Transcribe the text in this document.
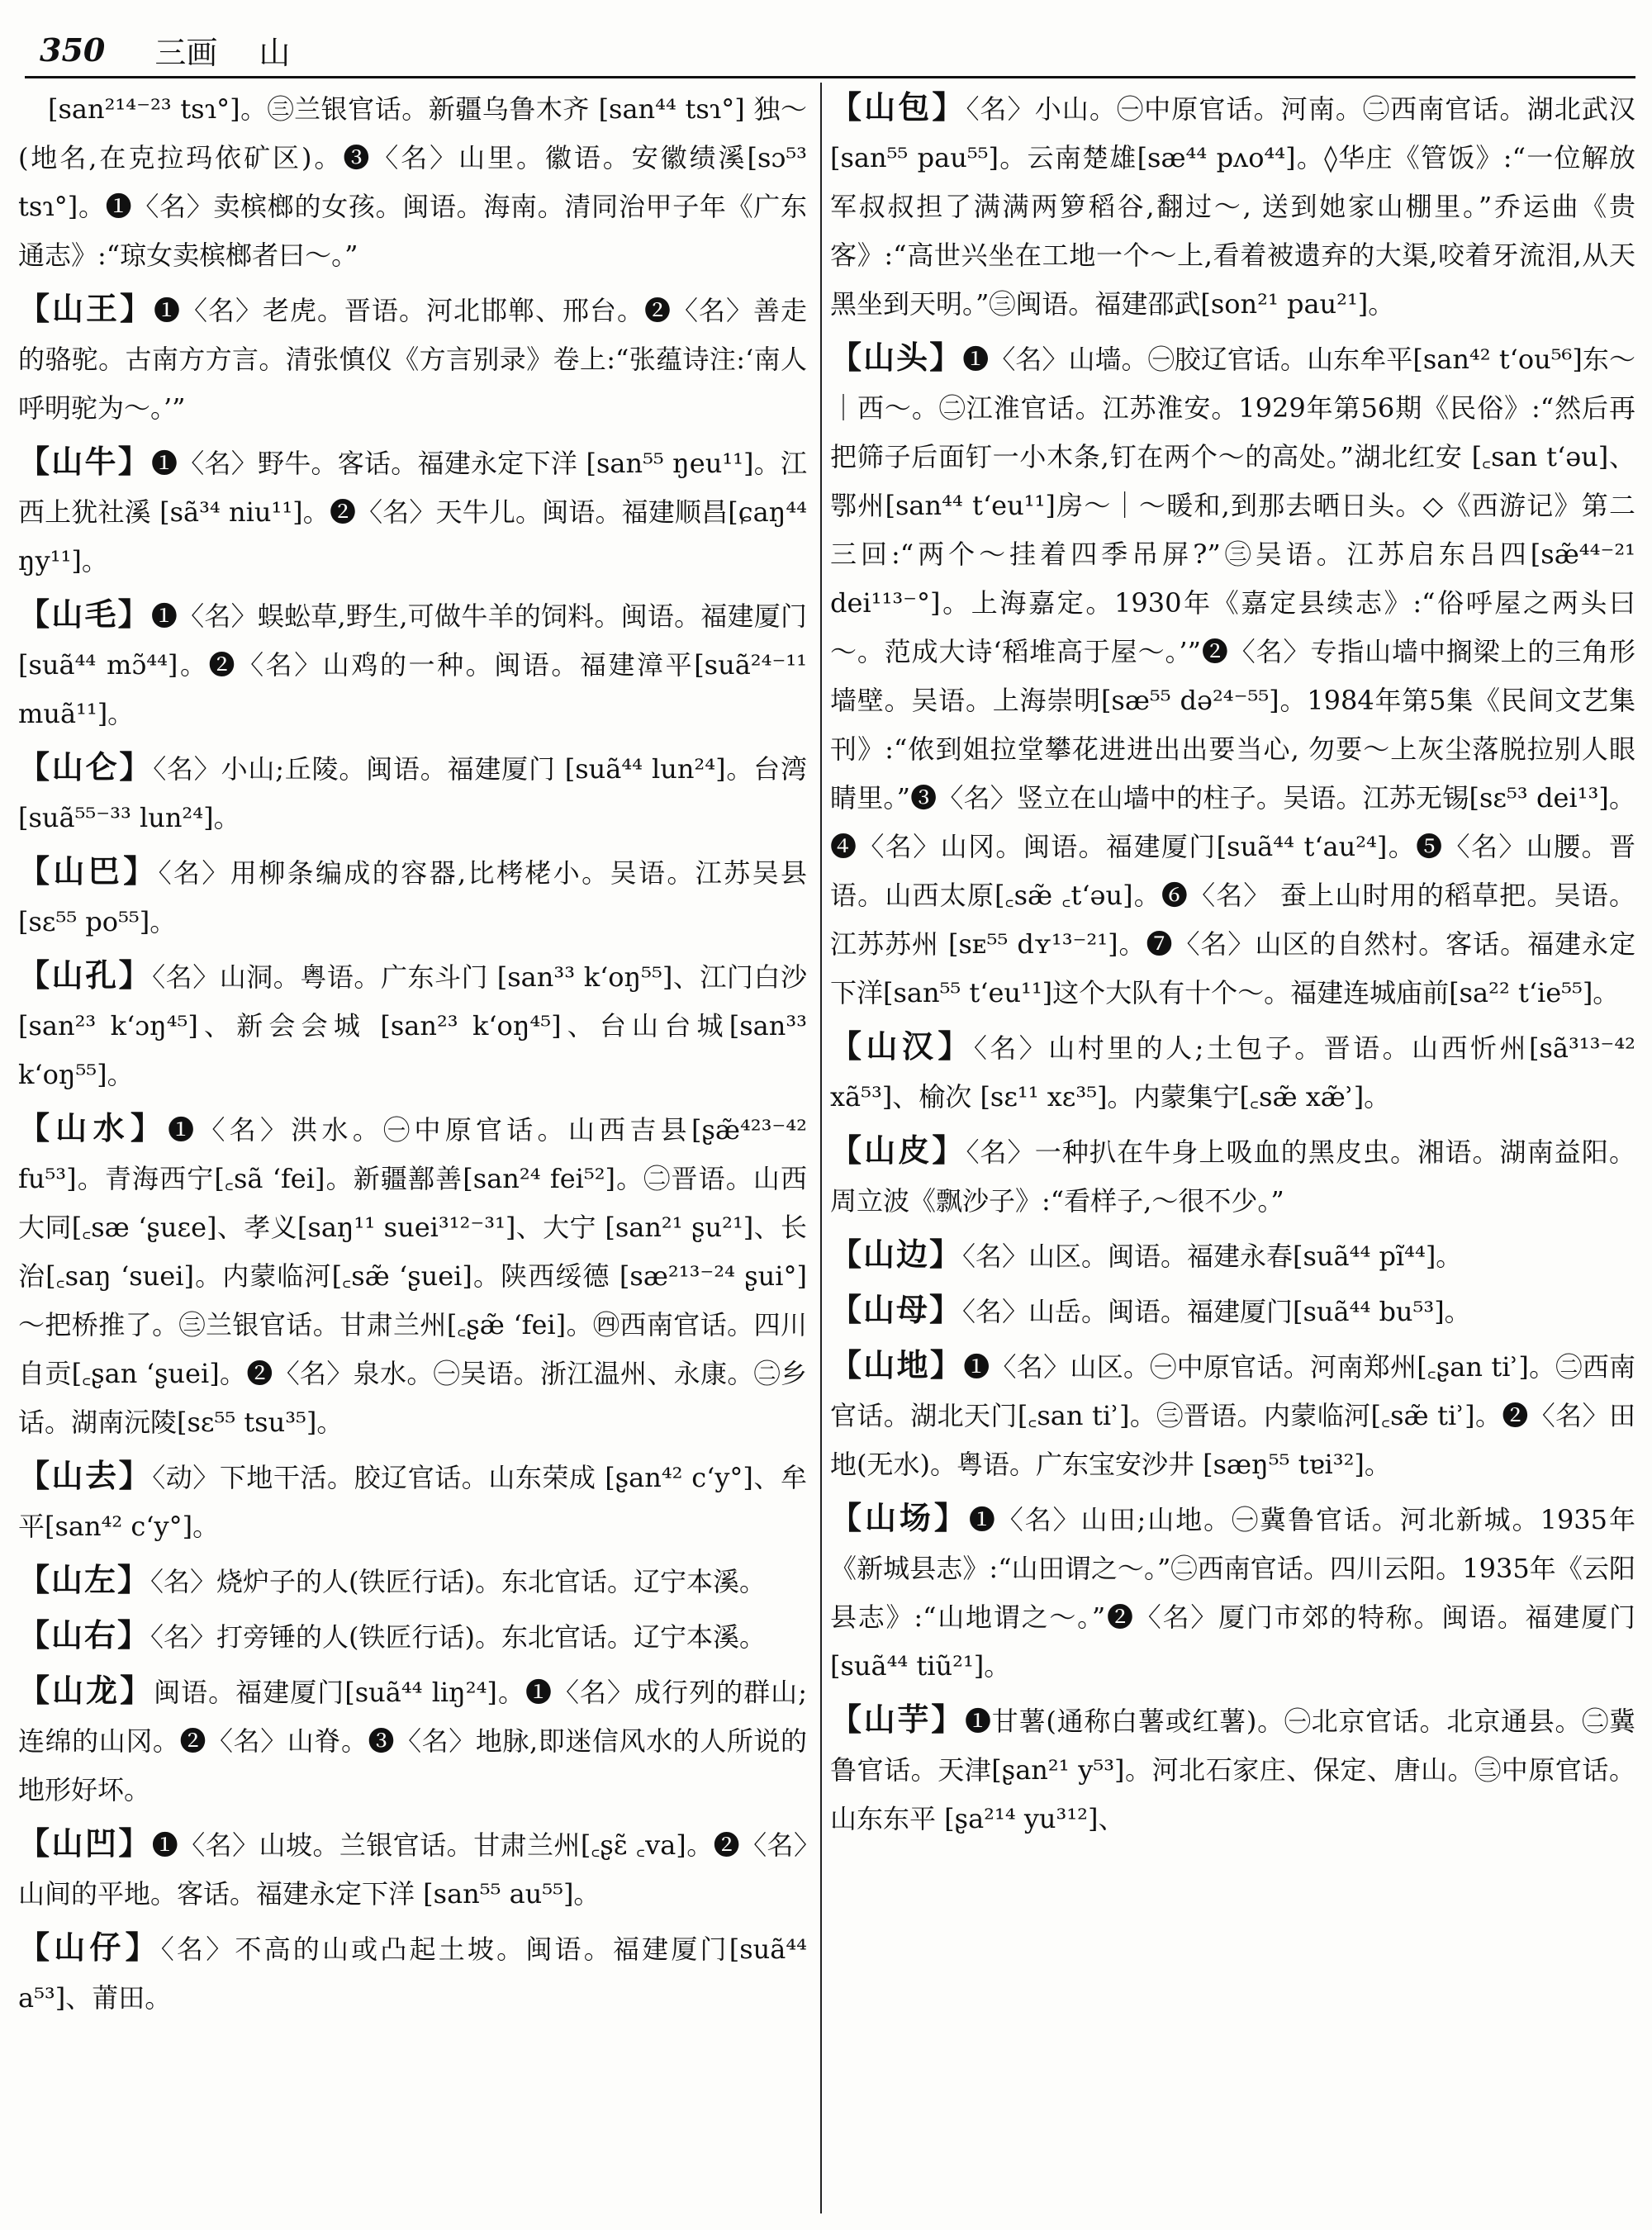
350 三画 山

[san²¹⁴⁻²³ tsɿ°]。㊂兰银官话。新疆乌鲁木齐 [san⁴⁴ tsɿ°] 独～(地名,在克拉玛依矿区)。❸〈名〉山里。徽语。安徽绩溪[sɔ⁵³ tsɿ°]。❶〈名〉卖槟榔的女孩。闽语。海南。清同治甲子年《广东通志》:“琼女卖槟榔者曰～。”

【山王】❶〈名〉老虎。晋语。河北邯郸、邢台。❷〈名〉善走的骆驼。古南方方言。清张慎仪《方言别录》卷上:“张蕴诗注:‘南人呼明驼为～。’”

【山牛】❶〈名〉野牛。客话。福建永定下洋 [san⁵⁵ ŋeu¹¹]。江西上犹社溪 [sã³⁴ niu¹¹]。❷〈名〉天牛儿。闽语。福建顺昌[ɕaŋ⁴⁴ ŋy¹¹]。

【山毛】❶〈名〉蜈蚣草,野生,可做牛羊的饲料。闽语。福建厦门 [suã⁴⁴ mɔ̃⁴⁴]。❷〈名〉山鸡的一种。闽语。福建漳平[suã²⁴⁻¹¹ muã¹¹]。

【山仑】〈名〉小山;丘陵。闽语。福建厦门 [suã⁴⁴ lun²⁴]。台湾[suã⁵⁵⁻³³ lun²⁴]。

【山巴】〈名〉用柳条编成的容器,比栲栳小。吴语。江苏吴县[sɛ⁵⁵ po⁵⁵]。

【山孔】〈名〉山洞。粤语。广东斗门 [san³³ k‘oŋ⁵⁵]、江门白沙[san²³ k‘ɔŋ⁴⁵]、新会会城 [san²³ k‘oŋ⁴⁵]、台山台城[san³³ k‘oŋ⁵⁵]。

【山水】❶〈名〉洪水。㊀中原官话。山西吉县[ʂæ̃⁴²³⁻⁴² fu⁵³]。青海西宁[꜀sã ‘fei]。新疆鄯善[san²⁴ fei⁵²]。㊁晋语。山西大同[꜀sæ ‘ʂuɛe]、孝义[saŋ¹¹ suei³¹²⁻³¹]、大宁 [san²¹ ʂu²¹]、长治[꜀saŋ ‘suei]。内蒙临河[꜀sæ̃ ‘ʂuei]。陕西绥德 [sæ²¹³⁻²⁴ ʂui°] ～把桥推了。㊂兰银官话。甘肃兰州[꜀ʂæ̃ ‘fei]。㊃西南官话。四川自贡[꜀ʂan ‘ʂuei]。❷〈名〉泉水。㊀吴语。浙江温州、永康。㊁乡话。湖南沅陵[sɛ⁵⁵ tsu³⁵]。

【山去】〈动〉下地干活。胶辽官话。山东荣成 [ʂan⁴² c‘y°]、牟平[san⁴² c‘y°]。

【山左】〈名〉烧炉子的人(铁匠行话)。东北官话。辽宁本溪。

【山右】〈名〉打旁锤的人(铁匠行话)。东北官话。辽宁本溪。

【山龙】闽语。福建厦门[suã⁴⁴ liŋ²⁴]。❶〈名〉成行列的群山;连绵的山冈。❷〈名〉山脊。❸〈名〉地脉,即迷信风水的人所说的地形好坏。

【山凹】❶〈名〉山坡。兰银官话。甘肃兰州[꜀ʂɛ̃ ꜀va]。❷〈名〉山间的平地。客话。福建永定下洋 [san⁵⁵ au⁵⁵]。

【山仔】〈名〉不高的山或凸起土坡。闽语。福建厦门[suã⁴⁴ a⁵³]、莆田。

【山包】〈名〉小山。㊀中原官话。河南。㊁西南官话。湖北武汉 [san⁵⁵ pau⁵⁵]。云南楚雄[sæ⁴⁴ pʌo⁴⁴]。◊华庄《管饭》:“一位解放军叔叔担了满满两箩稻谷,翻过～, 送到她家山棚里。”乔运曲《贵客》:“高世兴坐在工地一个～上,看着被遗弃的大渠,咬着牙流泪,从天黑坐到天明。”㊂闽语。福建邵武[son²¹ pau²¹]。

【山头】❶〈名〉山墙。㊀胶辽官话。山东牟平[san⁴² t‘ou⁵⁶]东～｜西～。㊁江淮官话。江苏淮安。1929年第56期《民俗》:“然后再把筛子后面钉一小木条,钉在两个～的高处。”湖北红安 [꜀san t‘əu]、鄂州[san⁴⁴ t‘eu¹¹]房～｜～暖和,到那去晒日头。◇《西游记》第二三回:“两个～挂着四季吊屏?”㊂吴语。江苏启东吕四[sæ̃⁴⁴⁻²¹ dei¹¹³⁻°]。上海嘉定。1930年《嘉定县续志》:“俗呼屋之两头曰～。范成大诗‘稻堆高于屋～。’”❷〈名〉专指山墙中搁梁上的三角形墙壁。吴语。上海崇明[sæ⁵⁵ də²⁴⁻⁵⁵]。1984年第5集《民间文艺集刊》:“侬到姐拉堂攀花进进出出要当心, 勿要～上灰尘落脱拉别人眼睛里。”❸〈名〉竖立在山墙中的柱子。吴语。江苏无锡[sɛ⁵³ dei¹³]。❹〈名〉山冈。闽语。福建厦门[suã⁴⁴ t‘au²⁴]。❺〈名〉山腰。晋语。山西太原[꜀sæ̃ ꜀t‘əu]。❻〈名〉 蚕上山时用的稻草把。吴语。江苏苏州 [sᴇ⁵⁵ dʏ¹³⁻²¹]。❼〈名〉山区的自然村。客话。福建永定下洋[san⁵⁵ t‘eu¹¹]这个大队有十个～。福建连城庙前[sa²² t‘ie⁵⁵]。

【山汉】〈名〉山村里的人;土包子。晋语。山西忻州[sã³¹³⁻⁴² xã⁵³]、榆次 [sɛ¹¹ xɛ³⁵]。内蒙集宁[꜀sæ̃ xæ̃ʾ]。

【山皮】〈名〉一种扒在牛身上吸血的黑皮虫。湘语。湖南益阳。周立波《飘沙子》:“看样子,～很不少。”

【山边】〈名〉山区。闽语。福建永春[suã⁴⁴ pĩ⁴⁴]。

【山母】〈名〉山岳。闽语。福建厦门[suã⁴⁴ bu⁵³]。

【山地】❶〈名〉山区。㊀中原官话。河南郑州[꜀ʂan tiʾ]。㊁西南官话。湖北天门[꜀san tiʾ]。㊂晋语。内蒙临河[꜀sæ̃ tiʾ]。❷〈名〉田地(无水)。粤语。广东宝安沙井 [sæŋ⁵⁵ tɐi³²]。

【山场】❶〈名〉山田;山地。㊀冀鲁官话。河北新城。1935年《新城县志》:“山田谓之～。”㊁西南官话。四川云阳。1935年《云阳县志》:“山地谓之～。”❷〈名〉厦门市郊的特称。闽语。福建厦门 [suã⁴⁴ tiũ²¹]。

【山芋】❶甘薯(通称白薯或红薯)。㊀北京官话。北京通县。㊁冀鲁官话。天津[ʂan²¹ y⁵³]。河北石家庄、保定、唐山。㊂中原官话。山东东平 [ʂa²¹⁴ yu³¹²]、
